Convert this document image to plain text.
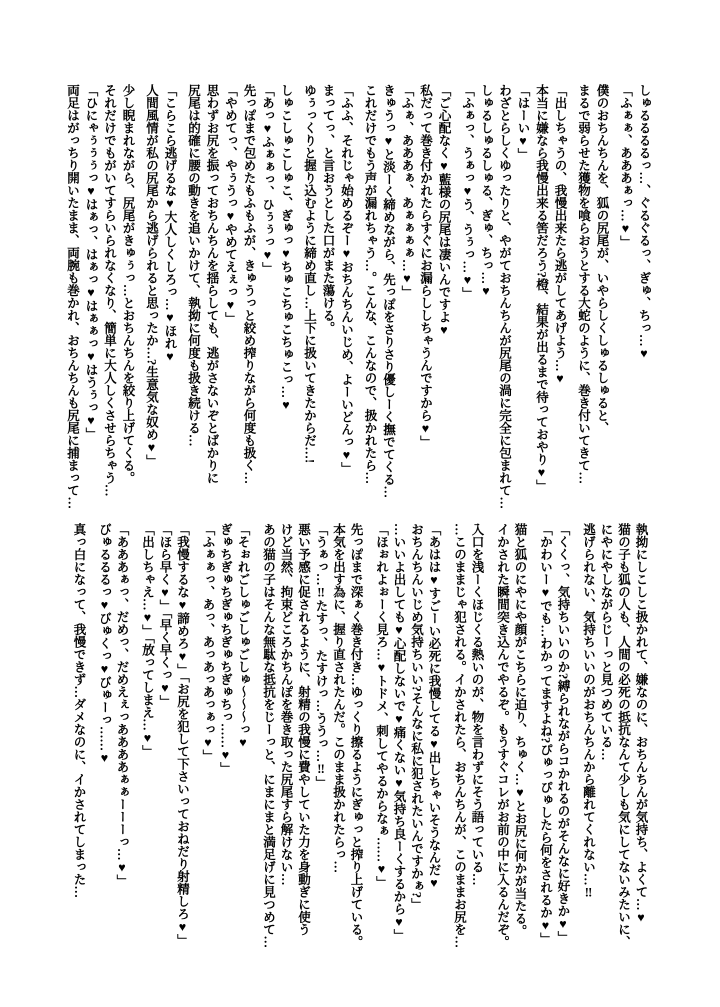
しゅるるるるっ…、ぐるぐるっ、ぎゅ、ちっ…♥
「ふぁぁ、あああぁっ…♥」
僕のおちんちんを、狐の尻尾が、いやらしくしゅるしゅると、
まるで弱らせた獲物を喰らおうとする大蛇のように、巻き付いてきて…
「出しちゃうの、我慢出来たら逃がしてあげよう…♥
本当に嫌なら我慢出来る筈だろう?橙、結果が出るまで待っておやり♥」
「はーい♥」
わざとらしくゆったりと、やがておちんちんが尻尾の渦に完全に包まれて…
しゅるしゅるしゅる、ぎゅ、ちっ…♥
「ふぁっ、うぁっ♥う、うぅっ…♥」
「ご心配なく♥藍様の尻尾は凄いんですよ♥
私だって巻き付かれたらすぐにお漏らししちゃうんですから♥」
「ふぁ、あああぁ、あぁぁぁぁ…♥」
きゅうっ♥と淡ーく締めながら、先っぽをさりさり優しーく撫でてくる…
これだけでもう声が漏れちゃう…。こんな、こんなので、扱かれたら…
「ふふ、それじゃ始めるぞー♥おちんちんいじめ、よーいどんっ♥」
まってっ、と言おうとした口がまた蕩ける。
ゆぅっくりと握り込むように締め直し…上下に扱いてきたからだ…!
しゅこしゅこしゅこ、ぎゅっ♥ちゅこちゅこちゅこっ…♥
「あっ♥ふぁぁっ、ひぅぅっ♥」
先っぽまで包めたもふもふが、きゅうっと絞め搾りながら何度も扱く…
「やめてっ、やぅうっ♥やめてえぇっ♥」
思わずお尻を振っておちんちんを揺らしても、逃がさないぞとばかりに
尻尾は的確に腰の動きを追いかけて、執拗に何度も扱き続ける…
「こらこら逃げるな♥大人しくしろっ…♥ほれ♥
人間風情が私の尻尾から逃げられると思ったか…?生意気な奴め♥」
少し睨まれながら、尻尾がきゅぅっ…とおちんちんを絞り上げてくる。
それだけでもがいてすらいられなくなり、簡単に大人しくさせらちゃう…
「ひにゃぅぅぅっ♥はぁっ、はぁっ♥はぁぁっ♥はうぅっ♥」
両足はがっちり開いたまま、両腕も巻かれ、おちんちんも尻尾に捕まって…
執拗にしこしこ扱かれて、嫌なのに、おちんちんが気持ち、よくて…♥
猫の子も狐の人も、人間の必死の抵抗なんて少しも気にしてないみたいに、
にやにやしながらじーっと見つめている…
逃げられない、気持ちいいのがおちんちんから離れてくれない…‼
「くくっ、気持ちいいのか?縛られながらコかれるのがそんなに好きか♥」
「かわいー♥でも…わかってますよね?ぴゅっぴゅしたら何をされるか♥」
猫と狐のにやにや顔がこちらに迫り、ちゅく…♥とお尻に何かが当たる。
イかされた瞬間突き込んでやるぞ。もうすぐコレがお前の中に入るんだぞ。
入口を浅ーくほじくる熱いのが、物を言わずにそう語っている…
…このままじゃ犯される。イかされたら、おちんちんが、このままお尻を…
「あはは♥すごーい必死に我慢してる♥出しちゃいそうなんだ♥
おちんちんいじめ気持ちいい?そんなに私に犯されたいんですかぁ?」
…いいよ出しても♥心配しないで♥痛くない♥気持ち良ーくするから♥」
「ほぉれよぉーく見ろ…♥トドメ、刺してやるからなぁ……♥」
先っぽまで深ぁく巻き付き…ゆっくり擦るようにぎゅっと搾り上げている。
本気を出す為に、握り直されたんだ。このまま扱かれたらっ…
「うぁっ…‼たすっ、たすけっ…ううっ…‼」
悪い予感に促されるように、射精の我慢に費やしていた力を身動ぎに使う
けど当然、拘束どころかちんぽを巻き取った尻尾すら解けない…
あの猫の子はそんな無駄な抵抗をじーっと、にまにまと満足げに見つめて…
「そぉれごしゅごしゅごしゅ〜〜〜っ♥
ぎゅちぎゅちぎゅちぎゅちぎゅちっ……♥」
「ふぁぁっ、あっ、あっあっあっぁっ♥」
「我慢するな♥諦めろ♥」「お尻を犯して下さいっておねだり射精しろ♥」
「ほら早く♥」「早く早くっ♥」
「出しちゃえ…♥」「放ってしまえ…♥」
「あああぁっ、だめっ、だめえぇっああああぁぁーーーっ…♥」
びゅるるるっ♥びゅくっ♥びゅーっ……♥
真っ白になって、我慢できず…ダメなのに、イかされてしまった…
